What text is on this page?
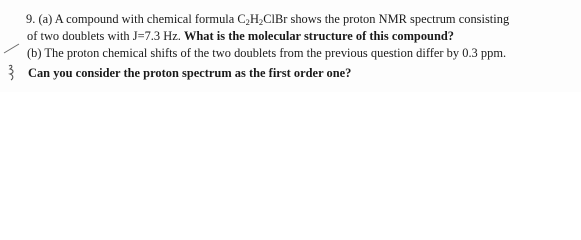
9. (a) A compound with chemical formula $C_2H_2ClBr$ shows the proton NMR spectrum consisting
of two doublets with J=7.3 Hz. What is the molecular structure of this compound?
(b) The proton chemical shifts of the two doublets from the previous question differ by 0.3 ppm.
Can you consider the proton spectrum as the first order one?
